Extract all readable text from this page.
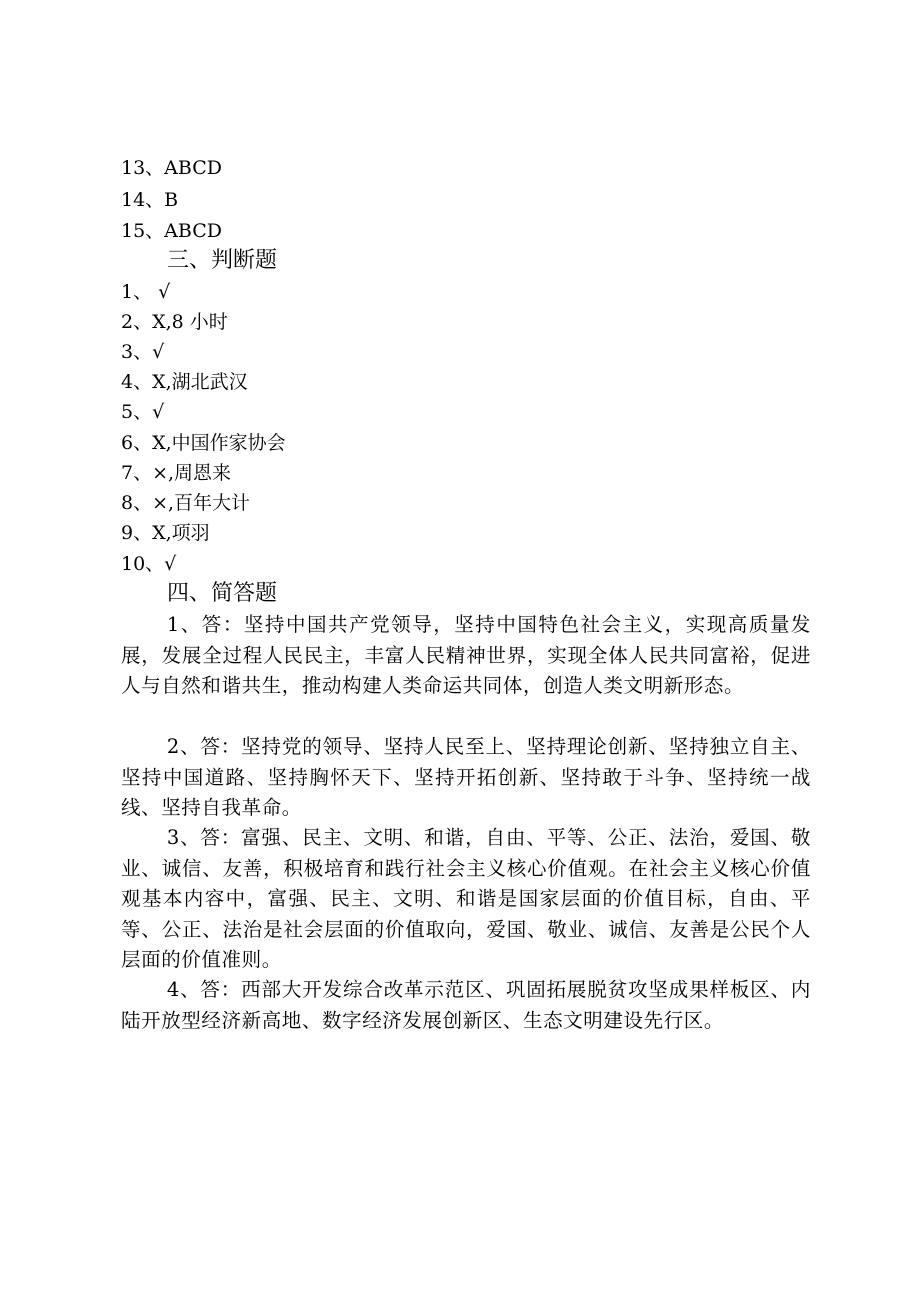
13、ABCD
14、B
15、ABCD
三、判断题
1、 √
2、X,8 小时
3、√
4、X,湖北武汉
5、√
6、X,中国作家协会
7、×,周恩来
8、×,百年大计
9、X,项羽
10、√
四、简答题
1、答：坚持中国共产党领导，坚持中国特色社会主义，实现高质量发展，发展全过程人民民主，丰富人民精神世界，实现全体人民共同富裕，促进人与自然和谐共生，推动构建人类命运共同体，创造人类文明新形态。
2、答：坚持党的领导、坚持人民至上、坚持理论创新、坚持独立自主、坚持中国道路、坚持胸怀天下、坚持开拓创新、坚持敢于斗争、坚持统一战线、坚持自我革命。
3、答：富强、民主、文明、和谐，自由、平等、公正、法治，爱国、敬业、诚信、友善，积极培育和践行社会主义核心价值观。在社会主义核心价值观基本内容中，富强、民主、文明、和谐是国家层面的价值目标，自由、平等、公正、法治是社会层面的价值取向，爱国、敬业、诚信、友善是公民个人层面的价值准则。
4、答：西部大开发综合改革示范区、巩固拓展脱贫攻坚成果样板区、内陆开放型经济新高地、数字经济发展创新区、生态文明建设先行区。
